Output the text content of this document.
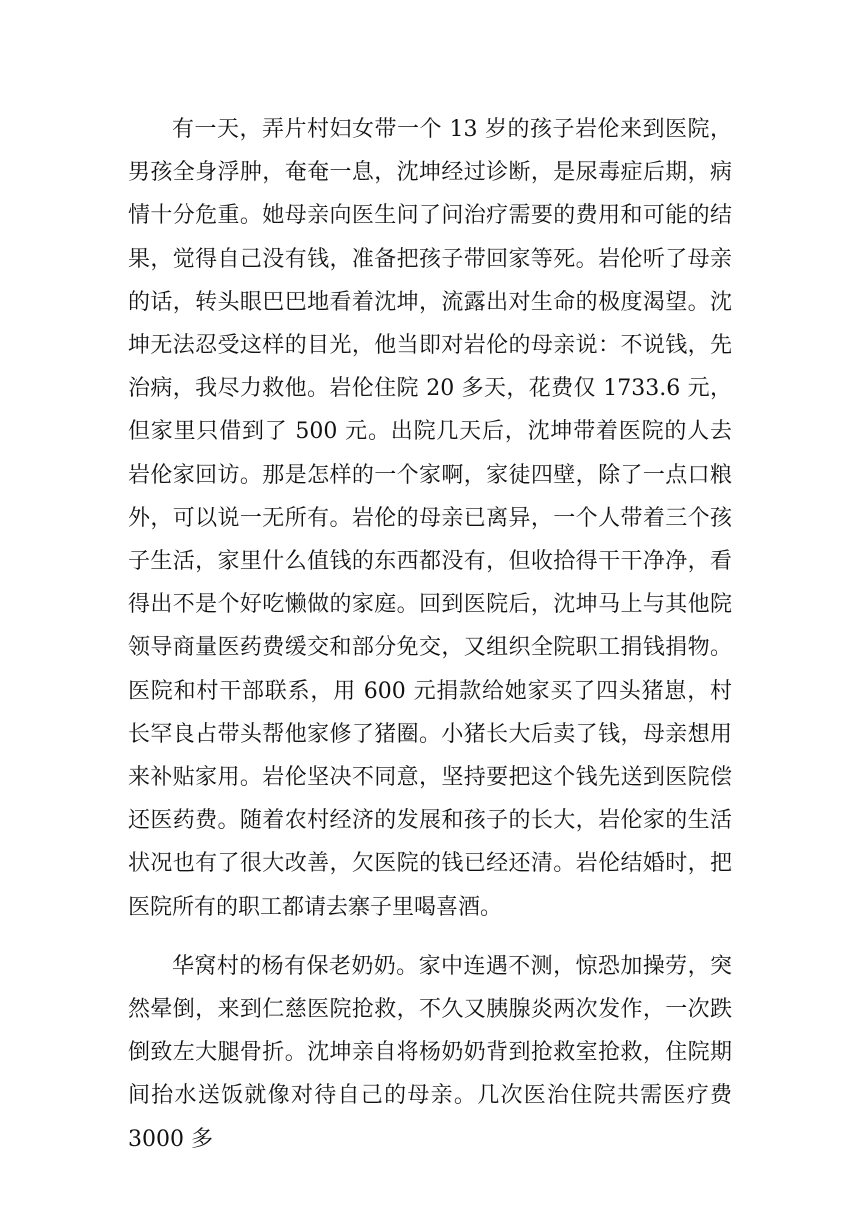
有一天，弄片村妇女带一个 13 岁的孩子岩伦来到医院，男孩全身浮肿，奄奄一息，沈坤经过诊断，是尿毒症后期，病情十分危重。她母亲向医生问了问治疗需要的费用和可能的结果，觉得自己没有钱，准备把孩子带回家等死。岩伦听了母亲的话，转头眼巴巴地看着沈坤，流露出对生命的极度渴望。沈坤无法忍受这样的目光，他当即对岩伦的母亲说：不说钱，先治病，我尽力救他。岩伦住院 20 多天，花费仅 1733.6 元，但家里只借到了 500 元。出院几天后，沈坤带着医院的人去岩伦家回访。那是怎样的一个家啊，家徒四壁，除了一点口粮外，可以说一无所有。岩伦的母亲已离异，一个人带着三个孩子生活，家里什么值钱的东西都没有，但收拾得干干净净，看得出不是个好吃懒做的家庭。回到医院后，沈坤马上与其他院领导商量医药费缓交和部分免交，又组织全院职工捐钱捐物。医院和村干部联系，用 600 元捐款给她家买了四头猪崽，村长罕良占带头帮他家修了猪圈。小猪长大后卖了钱，母亲想用来补贴家用。岩伦坚决不同意，坚持要把这个钱先送到医院偿还医药费。随着农村经济的发展和孩子的长大，岩伦家的生活状况也有了很大改善，欠医院的钱已经还清。岩伦结婚时，把医院所有的职工都请去寨子里喝喜酒。

华窝村的杨有保老奶奶。家中连遇不测，惊恐加操劳，突然晕倒，来到仁慈医院抢救，不久又胰腺炎两次发作，一次跌倒致左大腿骨折。沈坤亲自将杨奶奶背到抢救室抢救，住院期间抬水送饭就像对待自己的母亲。几次医治住院共需医疗费 3000 多
